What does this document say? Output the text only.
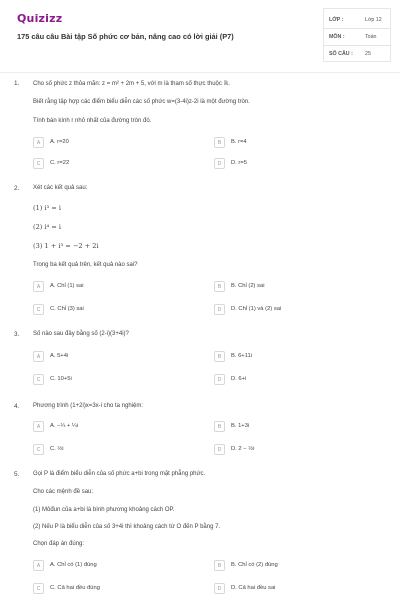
Quizizz
175 câu câu Bài tập Số phức cơ bản, nâng cao có lời giải (P7)
LỚP :	Lớp 12
MÔN :	Toán
SỐ CÂU : 25
1. Cho số phức z thỏa mãn: z = m² + 2m + 5, với m là tham số thực thuộc ℝ.
Biết rằng tập hợp các điểm biểu diễn các số phức w=(3-4i)z-2i là một đường tròn.
Tính bán kính r nhỏ nhất của đường tròn đó.
A	A. r=20	B	B. r=4
C	C. r=22	D	D. r=5
2. Xét các kết quả sau:
(1) i³ = i
(2) i⁴ = i
(3) 1 + i³ = −2 + 2i
Trong ba kết quả trên, kết quả nào sai?
A	A. Chỉ (1) sai	B	B. Chỉ (2) sai
C	C. Chỉ (3) sai	D	D. Chỉ (1) và (2) sai
3. Số nào sau đây bằng số (2-i)(3+4i)?
A	A. 5+4i	B	B. 6+11i
C	C. 10+5i	D	D. 6+i
4. Phương trình (1+2i)x=3x-i cho ta nghiệm:
A	A. −¼ + ¼i	B	B. 1+3i
C	C. ½i	D	D. 2 − ½i
5. Gọi P là điểm biểu diễn của số phức a+bi trong mặt phẳng phức.
Cho các mệnh đề sau:
(1) Môđun của a+bi là bình phương khoảng cách OP.
(2) Nếu P là biểu diễn của số 3+4i thì khoảng cách từ O đến P bằng 7.
Chọn đáp án đúng:
A	A. Chỉ có (1) đúng	B	B. Chỉ có (2) đúng
C	C. Cả hai đều đúng	D	D. Cả hai đều sai
